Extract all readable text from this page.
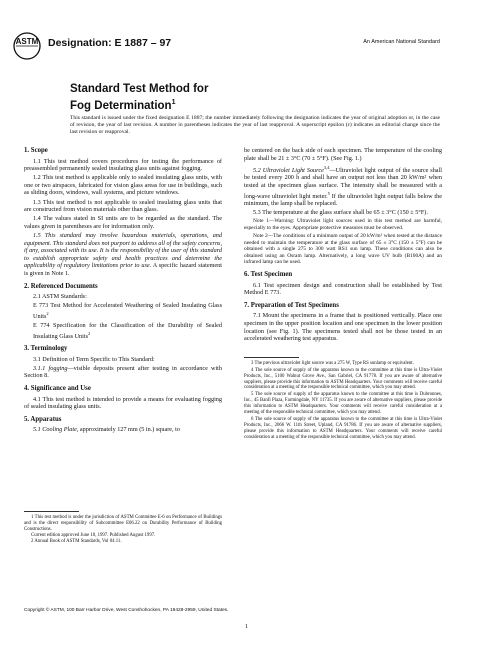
ASTM Designation: E 1887 – 97	An American National Standard
Standard Test Method for
Fog Determination$^1$
This standard is issued under the fixed designation E 1887; the number immediately following the designation indicates the year of original adoption or, in the case of revision, the year of last revision. A number in parentheses indicates the year of last reapproval. A superscript epsilon (ε) indicates an editorial change since the last revision or reapproval.
1. Scope

1.1 This test method covers procedures for testing the performance of preassembled permanently sealed insulating glass units against fogging.

1.2 This test method is applicable only to sealed insulating glass units, with one or two airspaces, fabricated for vision glass areas for use in buildings, such as sliding doors, windows, wall systems, and picture windows.

1.3 This test method is not applicable to sealed insulating glass units that are constructed from vision materials other than glass.

1.4 The values stated in SI units are to be regarded as the standard. The values given in parentheses are for information only.

1.5 This standard may involve hazardous materials, operations, and equipment. This standard does not purport to address all of the safety concerns, if any, associated with its use. It is the responsibility of the user of this standard to establish appropriate safety and health practices and determine the applicability of regulatory limitations prior to use. A specific hazard statement is given in Note 1.

2. Referenced Documents

2.1 ASTM Standards:

E 773 Test Method for Accelerated Weathering of Sealed Insulating Glass Units$^2$

E 774 Specification for the Classification of the Durability of Sealed Insulating Glass Units$^2$

3. Terminology

3.1 Definition of Term Specific to This Standard:

3.1.1 fogging—visible deposits present after testing in accordance with Section 8.

4. Significance and Use

4.1 This test method is intended to provide a means for evaluating fogging of sealed insulating glass units.

5. Apparatus

5.1 Cooling Plate, approximately 127 mm (5 in.) square, to

1 This test method is under the jurisdiction of ASTM Committee E-6 on Performance of Buildings and is the direct responsibility of Subcommittee E06.22 on Durability Performance of Building Constructions.

Current edition approved June 10, 1997. Published August 1997.

2 Annual Book of ASTM Standards, Vol 04.11.

be centered on the back side of each specimen. The temperature of the cooling plate shall be 21 ± 3°C (70 ± 5°F). (See Fig. 1.)

5.2 Ultraviolet Light Source$^{3,4}$—Ultraviolet light output of the source shall be tested every 200 h and shall have an output not less than 20 kW/m² when tested at the specimen glass surface. The intensity shall be measured with a long-wave ultraviolet light meter.$^5$ If the ultraviolet light output falls below the minimum, the lamp shall be replaced.

5.3 The temperature at the glass surface shall be 65 ± 3°C (150 ± 5°F).

Note 1—Warning: Ultraviolet light sources used in this test method are harmful, especially to the eyes. Appropriate protective measures must be observed.

Note 2—The conditions of a minimum output of 20 kW/m² when tested at the distance needed to maintain the temperature at the glass surface of 65 ± 3°C (150 ± 5°F) can be obtained with a single 275 to 300 watt RS1 sun lamp. These conditions can also be obtained using an Osram lamp. Alternatively, a long wave UV bulb (B100A) and an infrared lamp can be used.

6. Test Specimen

6.1 Test specimen design and construction shall be established by Test Method E 773.

7. Preparation of Test Specimens

7.1 Mount the specimens in a frame that is positioned vertically. Place one specimen in the upper position location and one specimen in the lower position location (see Fig. 1). The specimens tested shall not be those tested in an accelerated weathering test apparatus.

3 The previous ultraviolet light source was a 275 W, Type RS sunlamp or equivalent.

4 The sole source of supply of the apparatus known to the committee at this time is Ultra-Violet Products, Inc., 5100 Walnut Grove Ave., San Gabriel, CA 91778. If you are aware of alternative suppliers, please provide this information to ASTM Headquarters. Your comments will receive careful consideration at a meeting of the responsible technical committee, which you may attend.

5 The sole source of supply of the apparatus known to the committee at this time is Dubronnes, Inc., 45 Banfi Plaza, Farmingdale, NY 11735. If you are aware of alternative suppliers, please provide this information to ASTM Headquarters. Your comments will receive careful consideration at a meeting of the responsible technical committee, which you may attend.

6 The sole source of supply of the apparatus known to the committee at this time is Ultra-Violet Products, Inc., 2066 W. 11th Street, Upland, CA 91786. If you are aware of alternative suppliers, please provide this information to ASTM Headquarters. Your comments will receive careful consideration at a meeting of the responsible technical committee, which you may attend.

Copyright © ASTM, 100 Barr Harbor Drive, West Conshohocken, PA 19428-2959, United States.
1
